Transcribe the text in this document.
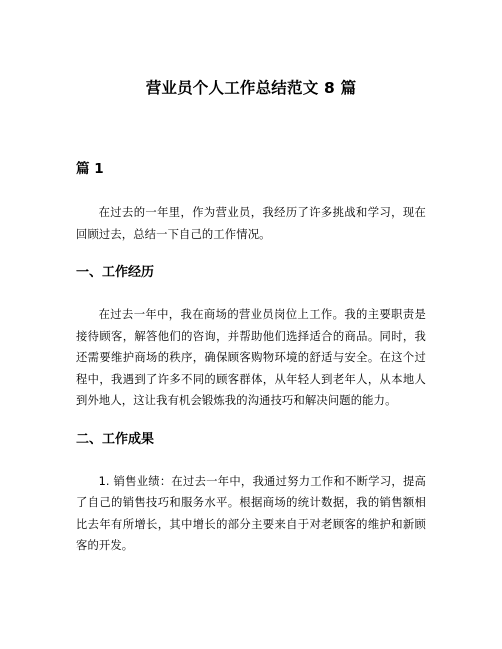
营业员个人工作总结范文 8 篇
篇 1

在过去的一年里，作为营业员，我经历了许多挑战和学习，现在回顾过去，总结一下自己的工作情况。

一、工作经历

在过去一年中，我在商场的营业员岗位上工作。我的主要职责是接待顾客，解答他们的咨询，并帮助他们选择适合的商品。同时，我还需要维护商场的秩序，确保顾客购物环境的舒适与安全。在这个过程中，我遇到了许多不同的顾客群体，从年轻人到老年人，从本地人到外地人，这让我有机会锻炼我的沟通技巧和解决问题的能力。

二、工作成果

1. 销售业绩：在过去一年中，我通过努力工作和不断学习，提高了自己的销售技巧和服务水平。根据商场的统计数据，我的销售额相比去年有所增长，其中增长的部分主要来自于对老顾客的维护和新顾客的开发。
